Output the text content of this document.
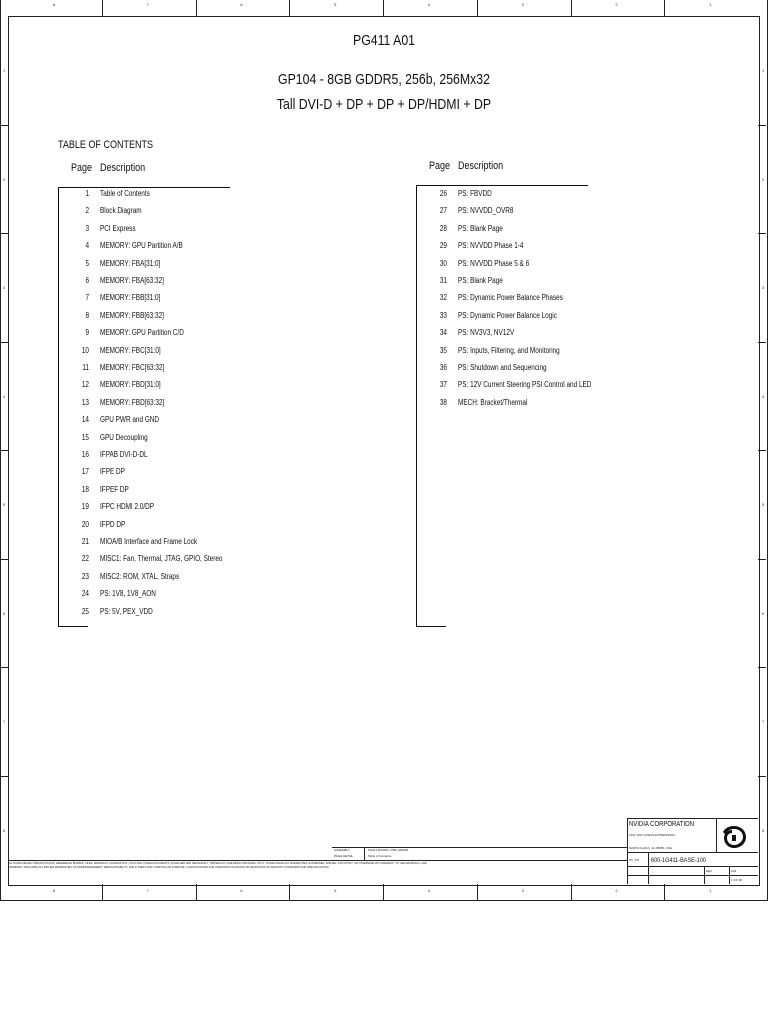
8
8
7
7
6
6
5
5
4
4
3
3
2
2
1
1
1	1
2	2
3	3
4	4
5	5
6	6
7	7
8	8
PG411 A01
GP104 - 8GB GDDR5, 256b, 256Mx32
Tall DVI-D + DP + DP + DP/HDMI + DP
TABLE OF CONTENTS
Page Description	Page Description
1 Table of Contents
2 Block Diagram
3 PCI Express
4 MEMORY: GPU Partition A/B
5 MEMORY: FBA[31:0]
6 MEMORY: FBA[63:32]
7 MEMORY: FBB[31:0]
8 MEMORY: FBB[63:32]
9 MEMORY: GPU Partition C/D
10 MEMORY: FBC[31:0]
11 MEMORY: FBC[63:32]
12 MEMORY: FBD[31:0]
13 MEMORY: FBD[63:32]
14 GPU PWR and GND
15 GPU Decoupling
16 IFPAB DVI-D-DL
17 IFPE DP
18 IFPEF DP
19 IFPC HDMI 2.0/DP
20 IFPD DP
21 MIOA/B Interface and Frame Lock
22 MISC1: Fan, Thermal, JTAG, GPIO, Stereo
23 MISC2: ROM, XTAL, Straps
24 PS: 1V8, 1V8_AON
25 PS: 5V, PEX_VDD
26 PS: FBVDD
27 PS: NVVDD_OVR8
28 PS: Blank Page
29 PS: NVVDD Phase 1-4
30 PS: NVVDD Phase 5 & 6
31 PS: Blank Page
32 PS: Dynamic Power Balance Phases
33 PS: Dynamic Power Balance Logic
34 PS: NV3V3, NV12V
35 PS: Inputs, Filtering, and Monitoring
36 PS: Shutdown and Sequencing
37 PS: 12V Current Steering PSI Control and LED
38 MECH: Bracket/Thermal
ALL NVIDIA DESIGN SPECIFICATIONS, REFERENCE BOARDS, FILES, DRAWINGS, DIAGNOSTICS, LISTS AND OTHER DOCUMENTS (TOGETHER AND SEPARATELY, "MATERIALS") ARE BEING PROVIDED "AS IS." NVIDIA MAKES NO WARRANTIES, EXPRESSED, IMPLIED, STATUTORY, OR OTHERWISE WITH RESPECT TO THE MATERIALS, AND EXPRESSLY DISCLAIMS ALL IMPLIED WARRANTIES OF NONINFRINGEMENT, MERCHANTABILITY, AND FITNESS FOR A PARTICULAR PURPOSE. CONTAIN KNOWN AND UNKNOWN VIOLATIONS OR DEVIATIONS OF INDUSTRY STANDARDS AND SPECIFICATIONS.
ASSEMBLY	PG411 BOARD, 256b GDDR5
PAGE DETAIL	Table of Contents
NVIDIA CORPORATION
2701 SAN TOMAS EXPRESSWAY
SANTA CLARA, CA 95050, USA
NV_PN 600-1G411-BASE-100
REV	A01
1 OF 38
